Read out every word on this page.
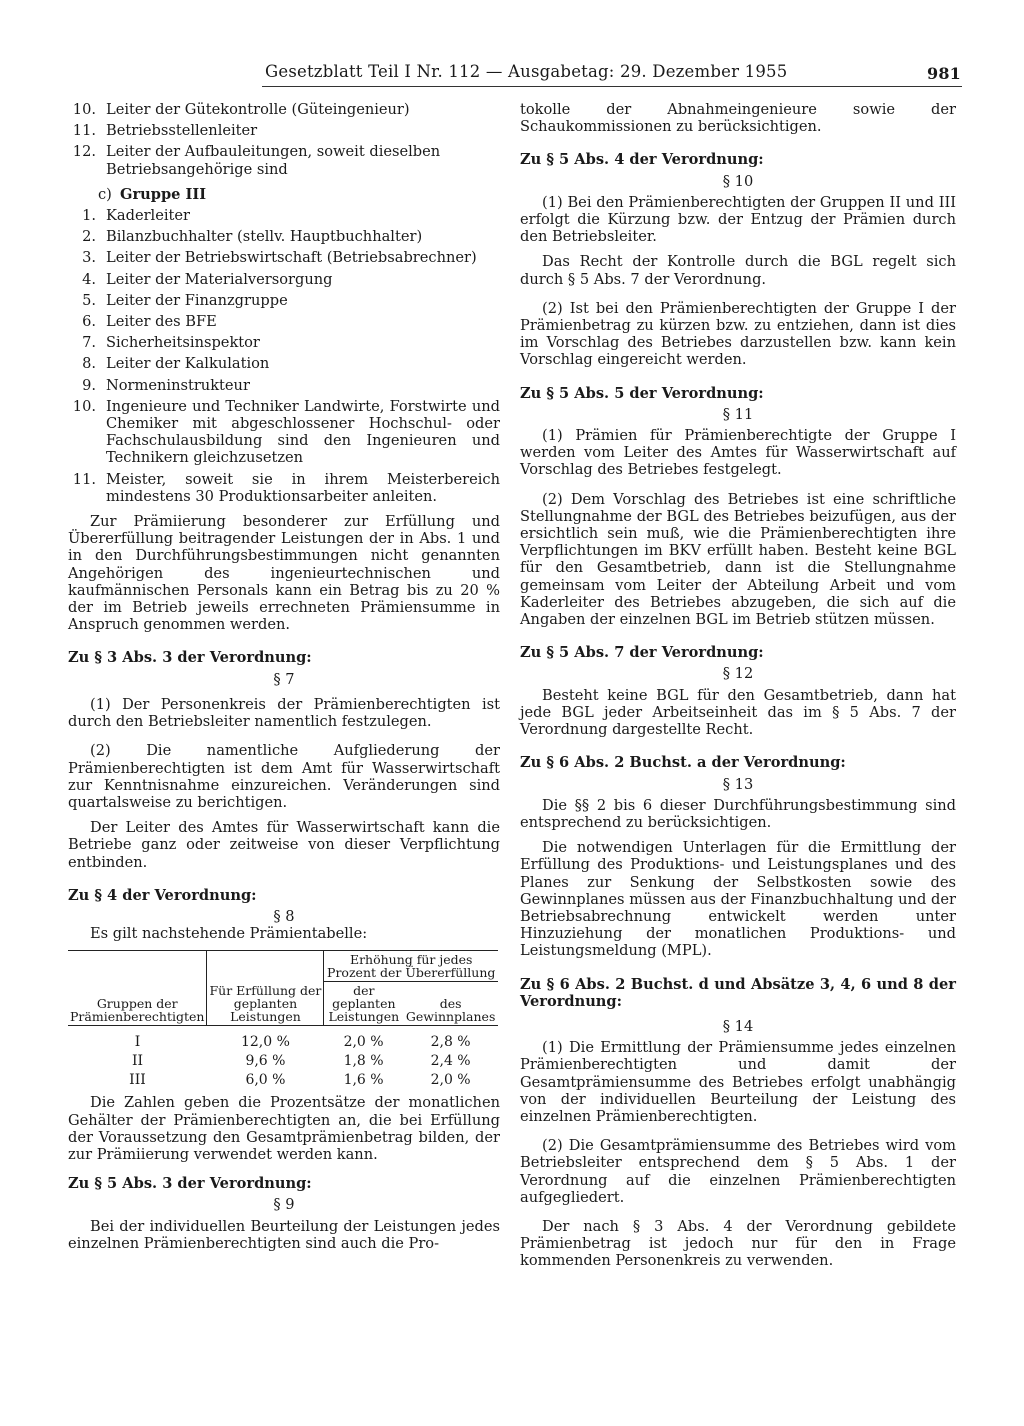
Gesetzblatt Teil I Nr. 112 — Ausgabetag: 29. Dezember 1955	981
10. Leiter der Gütekontrolle (Güteingenieur)
11. Betriebsstellenleiter
12. Leiter der Aufbauleitungen, soweit dieselben Betriebsangehörige sind
c) Gruppe III
1. Kaderleiter
2. Bilanzbuchhalter (stellv. Hauptbuchhalter)
3. Leiter der Betriebswirtschaft (Betriebsabrechner)
4. Leiter der Materialversorgung
5. Leiter der Finanzgruppe
6. Leiter des BFE
7. Sicherheitsinspektor
8. Leiter der Kalkulation
9. Normeninstrukteur
10. Ingenieure und Techniker Landwirte, Forstwirte und Chemiker mit abgeschlossener Hochschul- oder Fachschulausbildung sind den Ingenieuren und Technikern gleichzusetzen
11. Meister, soweit sie in ihrem Meisterbereich mindestens 30 Produktionsarbeiter anleiten.

Zur Prämiierung besonderer zur Erfüllung und Übererfüllung beitragender Leistungen der in Abs. 1 und in den Durchführungsbestimmungen nicht genannten Angehörigen des ingenieurtechnischen und kaufmännischen Personals kann ein Betrag bis zu 20 % der im Betrieb jeweils errechneten Prämiensumme in Anspruch genommen werden.

Zu § 3 Abs. 3 der Verordnung:

§ 7

(1) Der Personenkreis der Prämienberechtigten ist durch den Betriebsleiter namentlich festzulegen.

(2) Die namentliche Aufgliederung der Prämienberechtigten ist dem Amt für Wasserwirtschaft zur Kenntnisnahme einzureichen. Veränderungen sind quartalsweise zu berichtigen.

Der Leiter des Amtes für Wasserwirtschaft kann die Betriebe ganz oder zeitweise von dieser Verpflichtung entbinden.

Zu § 4 der Verordnung:

§ 8

Es gilt nachstehende Prämientabelle:

Gruppen der Prämienberechtigten	Für Erfüllung der geplanten Leistungen	Erhöhung für jedes Prozent der Übererfüllung	
		der geplanten Leistungen	des Gewinnplanes
I	12,0 %	2,0 %	2,8 %
II	9,6 %	1,8 %	2,4 %
III	6,0 %	1,6 %	2,0 %

Die Zahlen geben die Prozentsätze der monatlichen Gehälter der Prämienberechtigten an, die bei Erfüllung der Voraussetzung den Gesamtprämienbetrag bilden, der zur Prämiierung verwendet werden kann.

Zu § 5 Abs. 3 der Verordnung:

§ 9

Bei der individuellen Beurteilung der Leistungen jedes einzelnen Prämienberechtigten sind auch die Pro-

tokolle der Abnahmeingenieure sowie der Schaukommissionen zu berücksichtigen.

Zu § 5 Abs. 4 der Verordnung:

§ 10

(1) Bei den Prämienberechtigten der Gruppen II und III erfolgt die Kürzung bzw. der Entzug der Prämien durch den Betriebsleiter.

Das Recht der Kontrolle durch die BGL regelt sich durch § 5 Abs. 7 der Verordnung.

(2) Ist bei den Prämienberechtigten der Gruppe I der Prämienbetrag zu kürzen bzw. zu entziehen, dann ist dies im Vorschlag des Betriebes darzustellen bzw. kann kein Vorschlag eingereicht werden.

Zu § 5 Abs. 5 der Verordnung:

§ 11

(1) Prämien für Prämienberechtigte der Gruppe I werden vom Leiter des Amtes für Wasserwirtschaft auf Vorschlag des Betriebes festgelegt.

(2) Dem Vorschlag des Betriebes ist eine schriftliche Stellungnahme der BGL des Betriebes beizufügen, aus der ersichtlich sein muß, wie die Prämienberechtigten ihre Verpflichtungen im BKV erfüllt haben. Besteht keine BGL für den Gesamtbetrieb, dann ist die Stellungnahme gemeinsam vom Leiter der Abteilung Arbeit und vom Kaderleiter des Betriebes abzugeben, die sich auf die Angaben der einzelnen BGL im Betrieb stützen müssen.

Zu § 5 Abs. 7 der Verordnung:

§ 12

Besteht keine BGL für den Gesamtbetrieb, dann hat jede BGL jeder Arbeitseinheit das im § 5 Abs. 7 der Verordnung dargestellte Recht.

Zu § 6 Abs. 2 Buchst. a der Verordnung:

§ 13

Die §§ 2 bis 6 dieser Durchführungsbestimmung sind entsprechend zu berücksichtigen.

Die notwendigen Unterlagen für die Ermittlung der Erfüllung des Produktions- und Leistungsplanes und des Planes zur Senkung der Selbstkosten sowie des Gewinnplanes müssen aus der Finanzbuchhaltung und der Betriebsabrechnung entwickelt werden unter Hinzuziehung der monatlichen Produktions- und Leistungsmeldung (MPL).

Zu § 6 Abs. 2 Buchst. d und Absätze 3, 4, 6 und 8 der Verordnung:

§ 14

(1) Die Ermittlung der Prämiensumme jedes einzelnen Prämienberechtigten und damit der Gesamtprämiensumme des Betriebes erfolgt unabhängig von der individuellen Beurteilung der Leistung des einzelnen Prämienberechtigten.

(2) Die Gesamtprämiensumme des Betriebes wird vom Betriebsleiter entsprechend dem § 5 Abs. 1 der Verordnung auf die einzelnen Prämienberechtigten aufgegliedert.

Der nach § 3 Abs. 4 der Verordnung gebildete Prämienbetrag ist jedoch nur für den in Frage kommenden Personenkreis zu verwenden.
